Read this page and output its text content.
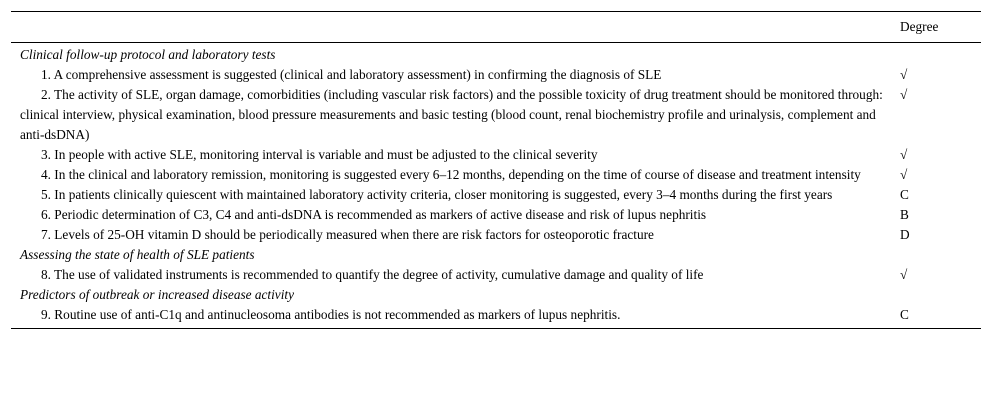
	Degree
Clinical follow-up protocol and laboratory tests	

1. A comprehensive assessment is suggested (clinical and laboratory assessment) in confirming the diagnosis of SLE	√

2. The activity of SLE, organ damage, comorbidities (including vascular risk factors) and the possible toxicity of drug treatment should be monitored through: clinical interview, physical examination, blood pressure measurements and basic testing (blood count, renal biochemistry profile and urinalysis, complement and anti-dsDNA)	√

3. In people with active SLE, monitoring interval is variable and must be adjusted to the clinical severity	√

4. In the clinical and laboratory remission, monitoring is suggested every 6–12 months, depending on the time of course of disease and treatment intensity	√

5. In patients clinically quiescent with maintained laboratory activity criteria, closer monitoring is suggested, every 3–4 months during the first years	C

6. Periodic determination of C3, C4 and anti-dsDNA is recommended as markers of active disease and risk of lupus nephritis	B

7. Levels of 25-OH vitamin D should be periodically measured when there are risk factors for osteoporotic fracture	D
Assessing the state of health of SLE patients	

8. The use of validated instruments is recommended to quantify the degree of activity, cumulative damage and quality of life	√
Predictors of outbreak or increased disease activity	

9. Routine use of anti-C1q and antinucleosoma antibodies is not recommended as markers of lupus nephritis.	C
